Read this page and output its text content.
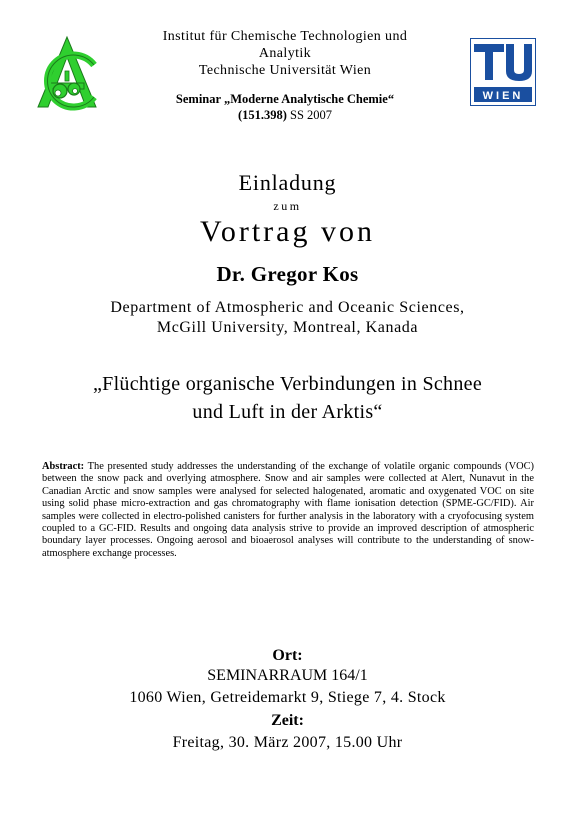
WIEN
Institut für Chemische Technologien und
Analytik
Technische Universität Wien
Seminar „Moderne Analytische Chemie“
(151.398) SS 2007
Einladung
zum
Vortrag von
Dr. Gregor Kos
Department of Atmospheric and Oceanic Sciences,
McGill University, Montreal, Kanada
„Flüchtige organische Verbindungen in Schnee
und Luft in der Arktis“
Abstract: The presented study addresses the understanding of the exchange of volatile organic compounds (VOC) between the snow pack and overlying atmosphere. Snow and air samples were collected at Alert, Nunavut in the Canadian Arctic and snow samples were analysed for selected halogenated, aromatic and oxygenated VOC on site using solid phase micro-extraction and gas chromatography with flame ionisation detection (SPME-GC/FID). Air samples were collected in electro-polished canisters for further analysis in the laboratory with a cryofocusing system coupled to a GC-FID. Results and ongoing data analysis strive to provide an improved description of atmospheric boundary layer processes. Ongoing aerosol and bioaerosol analyses will contribute to the understanding of snow-atmosphere exchange processes.
Ort:
SEMINARRAUM 164/1
1060 Wien, Getreidemarkt 9, Stiege 7, 4. Stock
Zeit:
Freitag, 30. März 2007, 15.00 Uhr
